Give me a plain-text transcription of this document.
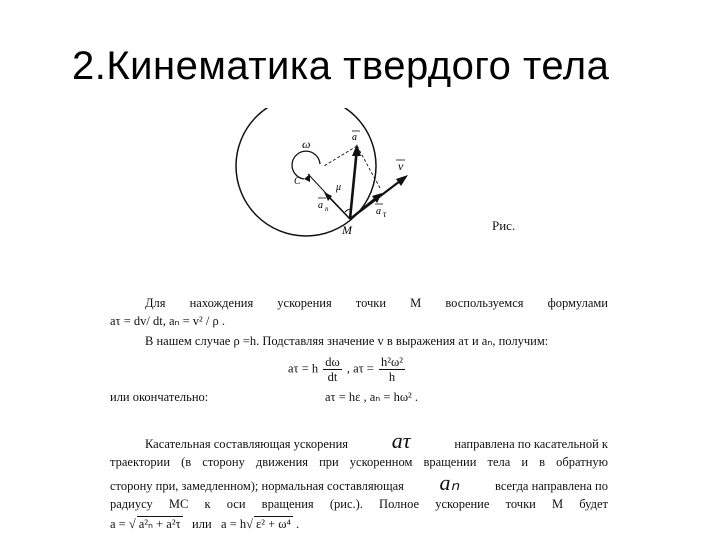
2.Кинематика твердого тела
ω
C
a
v
a n	a τ
μ
M	Рис.
Для нахождения ускорения точки М воспользуемся формулами
aτ = dv/ dt, aₙ = v² / ρ .
В нашем случае ρ =h. Подставляя значение v в выражения aτ и aₙ, получим:
aτ = h $\frac{d\omega}{dt}$ , $a\tau = \frac{\text{h²ω²}}{h}$
или окончательно:	aτ = hε , aₙ = hω² .
Касательная составляющая ускорения aτ	направлена по касательной к
траектории (в сторону движения при ускоренном вращении тела и в обратную
сторону при, замедленном); нормальная составляющая aₙ	всегда направлена по
радиусу МС к оси вращения (рис.). Полное ускорение точки М будет
a = √ a²ₙ + a²τ или a = h√ ε² + ω⁴ .
